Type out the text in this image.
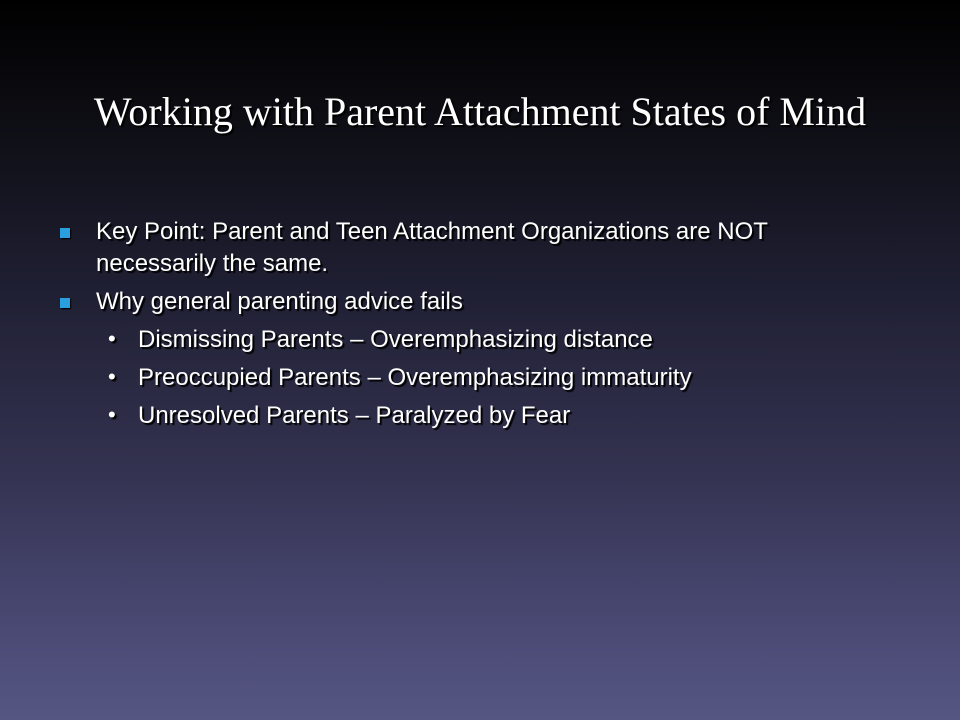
Working with Parent Attachment States of Mind
Key Point: Parent and Teen Attachment Organizations are NOT necessarily the same.
Why general parenting advice fails
• Dismissing Parents – Overemphasizing distance
• Preoccupied Parents – Overemphasizing immaturity
• Unresolved Parents – Paralyzed by Fear
